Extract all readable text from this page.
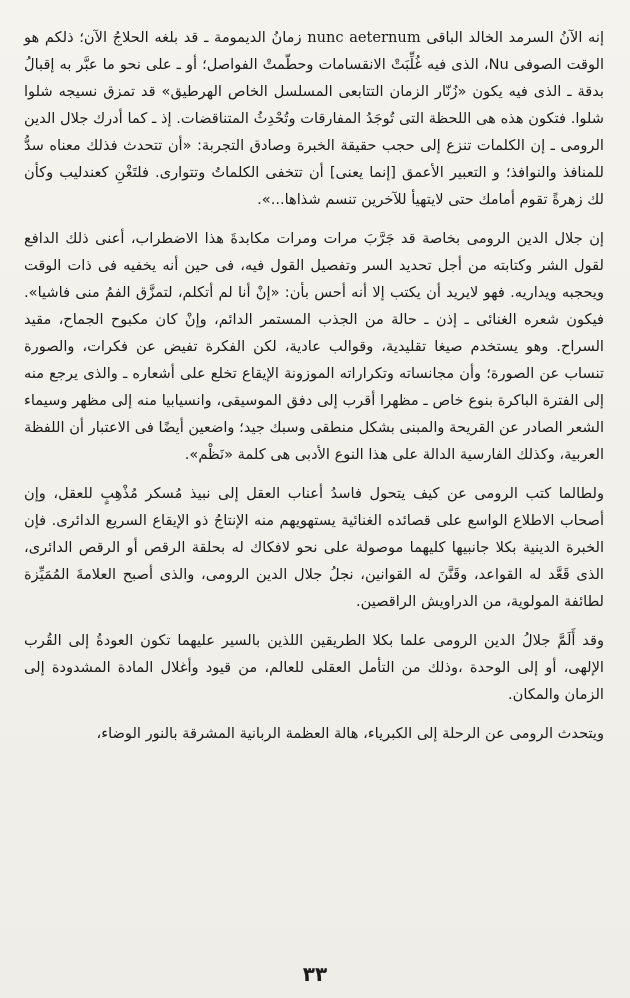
إنه الآنُ السرمد الخالد الباقى nunc aeternum زمانُ الديمومة ـ قد بلغه الحلاجُ الآن؛ ذلكم هو الوقت الصوفى Nu، الذى فيه غُلِّبَتْ الانقسامات وحطّمتْ الفواصل؛ أو ـ على نحو ما عبَّر به إقبالُ بدقة ـ الذى فيه يكون «زُنّار الزمان التتابعى المسلسل الخاص الهرطيق» قد تمزق نسيجه شلوا شلوا. فتكون هذه هى اللحظة التى تُوجَدُ المفارقات وتُحْدِثُ المتناقضات. إذ ـ كما أدرك جلال الدين الرومى ـ إن الكلمات تنزع إلى حجب حقيقة الخبرة وصادق التجربة: «أن تتحدث فذلك معناه سدُّ للمنافذ والنوافذ؛ و التعبير الأعمق [إنما يعنى] أن تتخفى الكلماتُ وتتوارى. فلتَغْنِ كعندليب وكأن لك زهرةً تقوم أمامك حتى لايتهيأ للآخرين تنسم شذاها...».

إن جلال الدين الرومى بخاصة قد جَرَّبَ مرات ومرات مكابدةَ هذا الاضطراب، أعنى ذلك الدافع لقول الشر وكتابته من أجل تحديد السر وتفصيل القول فيه، فى حين أنه يخفيه فى ذات الوقت ويحجبه ويداريه. فهو لايريد أن يكتب إلا أنه أحس بأن: «إنْ أنا لم أتكلم، لتمزَّق الفمُ منى فاشيا». فيكون شعره الغنائى ـ إذن ـ حالة من الجذب المستمر الدائم، وإنْ كان مكبوح الجماح، مقيد السراح. وهو يستخدم صيغا تقليدية، وقوالب عادية، لكن الفكرة تفيض عن فكرات، والصورة تنساب عن الصورة؛ وأن مجانساته وتكراراته الموزونة الإيقاع تخلع على أشعاره ـ والذى يرجع منه إلى الفترة الباكرة بنوع خاص ـ مظهرا أقرب إلى دفق الموسيقى، وانسيابيا منه إلى مظهر وسيماء الشعر الصادر عن القريحة والمبنى بشكل منطقى وسبك جيد؛ واضعين أيضًا فى الاعتبار أن اللفظة العربية، وكذلك الفارسية الدالة على هذا النوع الأدبى هى كلمة «نَظْم».

ولطالما كتب الرومى عن كيف يتحول فاسدُ أعناب العقل إلى نبيذ مُسكر مُذْهِبٍ للعقل، وإن أصحاب الاطلاع الواسع على قصائده الغنائية يستهويهم منه الإنتاجُ ذو الإيقاع السريع الدائرى. فإن الخبرة الدينية بكلا جانبيها كليهما موصولة على نحو لافكاك له بحلقة الرقص أو الرقص الدائرى، الذى قَعَّد له القواعد، وقَنَّنَ له القوانين، نجلُ جلال الدين الرومى، والذى أصبح العلامةَ المُمَيِّزة لطائفة المولوية، من الدراويش الراقصين.

وقد أَلَمَّ جلالُ الدين الرومى علما بكلا الطريقين اللذين بالسير عليهما تكون العودةُ إلى القُرب الإلهى، أو إلى الوحدة ،وذلك من التأمل العقلى للعالم، من قيود وأغلال المادة المشدودة إلى الزمان والمكان.

ويتحدث الرومى عن الرحلة إلى الكبرياء، هالة العظمة الربانية المشرقة بالنور الوضاء،

٣٣
